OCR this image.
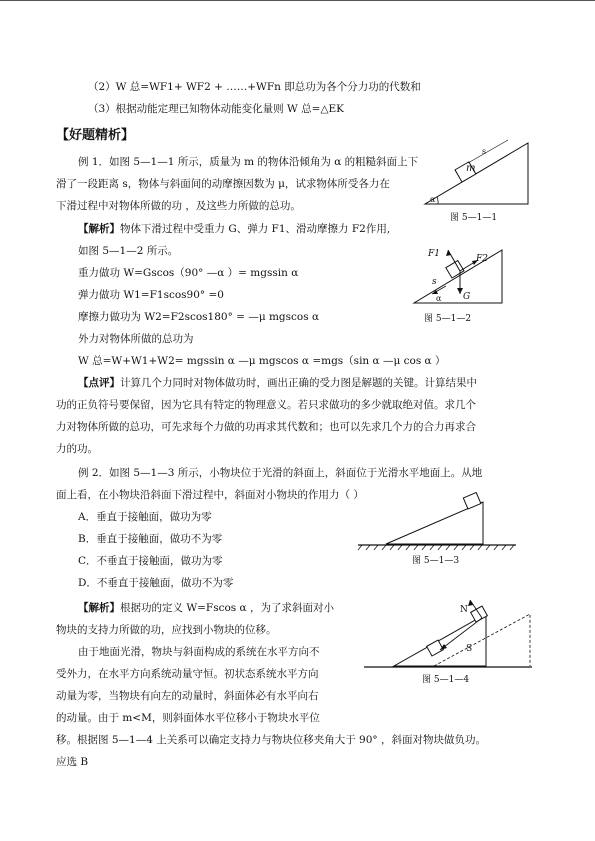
（2）W 总=WF1+ WF2 + ……+WFn 即总功为各个分力功的代数和
（3）根据动能定理已知物体动能变化量则 W 总=△EK
【好题精析】
例 1．如图 5—1—1 所示，质量为 m 的物体沿倾角为 α 的粗糙斜面上下
滑了一段距离 s，物体与斜面间的动摩擦因数为 μ，试求物体所受各力在
下滑过程中对物体所做的功 ，及这些力所做的总功。
【解析】物体下滑过程中受重力 G、弹力 F1、滑动摩擦力 F2作用,
如图 5—1—2 所示。
重力做功 W=Gscos（90° —α ）= mgssin α
弹力做功 W1=F1scos90° =0
摩擦力做功为 W2=F2scos180° = —μ mgscos α
外力对物体所做的总功为
W 总=W+W1+W2= mgssin α —μ mgscos α =mgs（sin α —μ cos α ）
【点评】计算几个力同时对物体做功时，画出正确的受力图是解题的关键。计算结果中
功的正负符号要保留，因为它具有特定的物理意义。若只求做功的多少就取绝对值。求几个
力对物体所做的总功，可先求每个力做的功再求其代数和；也可以先求几个力的合力再求合
力的功。
例 2．如图 5—1—3 所示，小物块位于光滑的斜面上，斜面位于光滑水平地面上。从地
面上看，在小物块沿斜面下滑过程中，斜面对小物块的作用力（ ）
A．垂直于接触面，做功为零
B．垂直于接触面，做功不为零
C．不垂直于接触面，做功为零
D．不垂直于接触面，做功不为零
【解析】根据功的定义 W=Fscos α ，为了求斜面对小
物块的支持力所做的功，应找到小物块的位移。
由于地面光滑，物块与斜面构成的系统在水平方向不
受外力，在水平方向系统动量守恒。初状态系统水平方向
动量为零，当物块有向左的动量时，斜面体必有水平向右
的动量。由于 m<M，则斜面体水平位移小于物块水平位
移。根据图 5—1—4 上关系可以确定支持力与物块位移夹角大于 90° ，斜面对物块做负功。
应选 B
m
s
α
图 5—1—1
F1	F2
s
G
α
图 5—1—2
图 5—1—3
N
S
图 5—1—4
